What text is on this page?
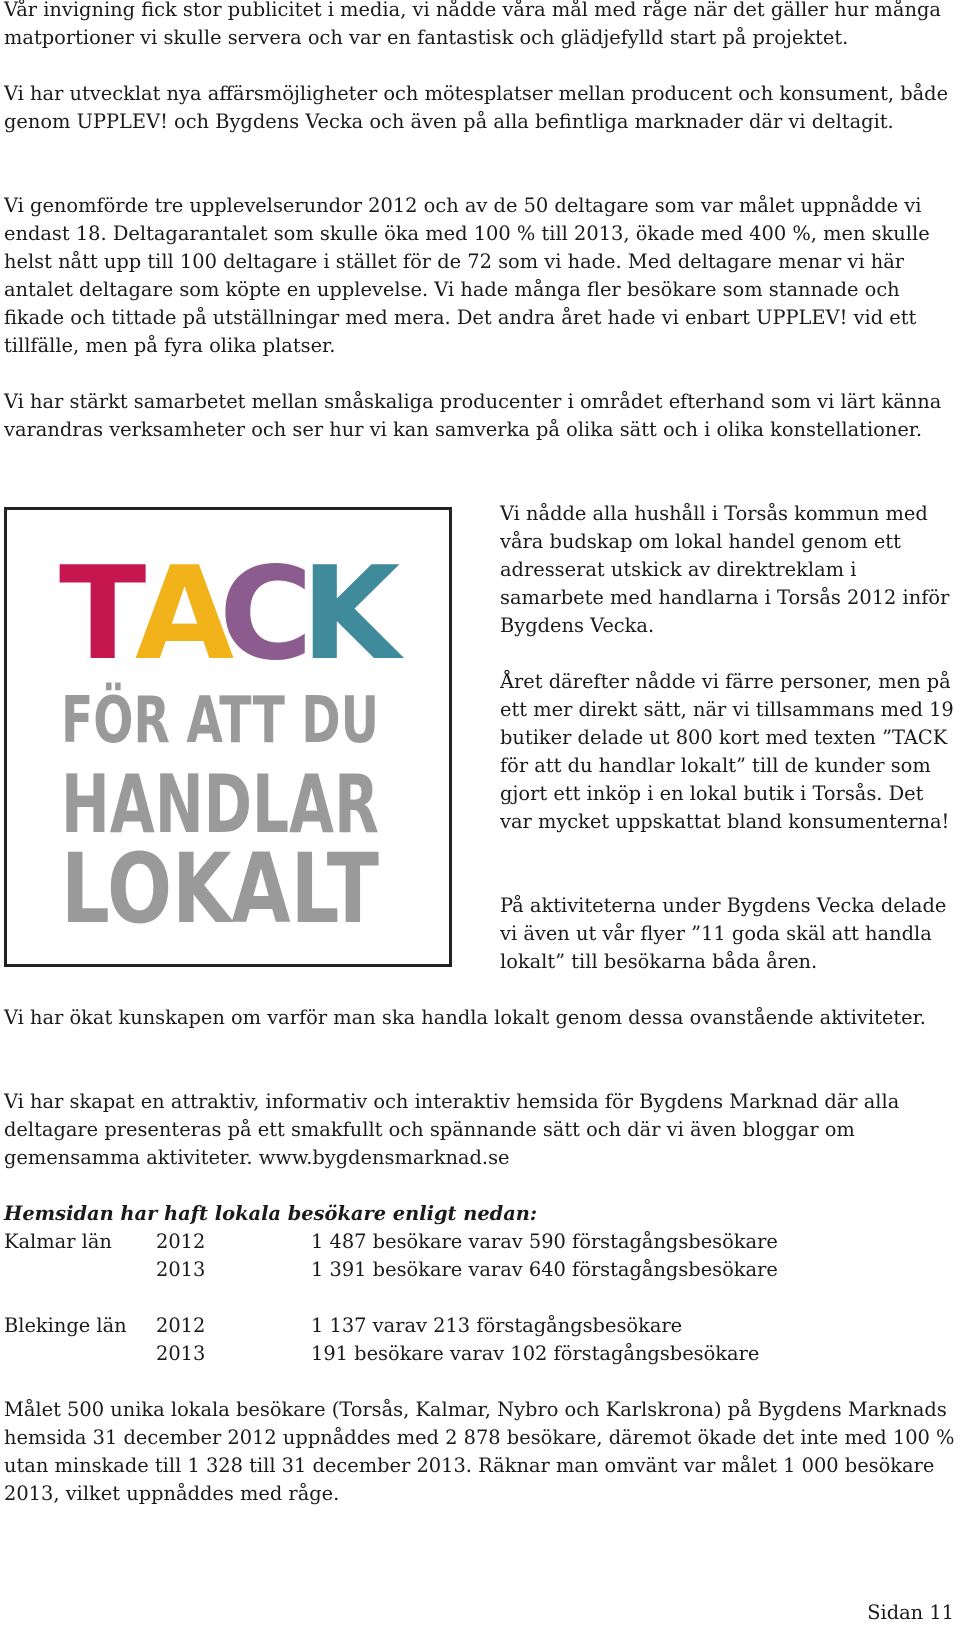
Vår invigning fick stor publicitet i media, vi nådde våra mål med råge när det gäller hur många matportioner vi skulle servera och var en fantastisk och glädjefylld start på projektet.

Vi har utvecklat nya affärsmöjligheter och mötesplatser mellan producent och konsument, både genom UPPLEV! och Bygdens Vecka och även på alla befintliga marknader där vi deltagit.

Vi genomförde tre upplevelserundor 2012 och av de 50 deltagare som var målet uppnådde vi endast 18. Deltagarantalet som skulle öka med 100 % till 2013, ökade med 400 %, men skulle helst nått upp till 100 deltagare i stället för de 72 som vi hade. Med deltagare menar vi här antalet deltagare som köpte en upplevelse. Vi hade många fler besökare som stannade och fikade och tittade på utställningar med mera. Det andra året hade vi enbart UPPLEV! vid ett tillfälle, men på fyra olika platser.

Vi har stärkt samarbetet mellan småskaliga producenter i området efterhand som vi lärt känna varandras verksamheter och ser hur vi kan samverka på olika sätt och i olika konstellationer.

T
A
C
K
FÖR ATT DU
HANDLAR
LOKALT

Vi nådde alla hushåll i Torsås kommun med våra budskap om lokal handel genom ett adresserat utskick av direktreklam i samarbete med handlarna i Torsås 2012 inför Bygdens Vecka.

Året därefter nådde vi färre personer, men på ett mer direkt sätt, när vi tillsammans med 19 butiker delade ut 800 kort med texten ”TACK för att du handlar lokalt” till de kunder som gjort ett inköp i en lokal butik i Torsås. Det var mycket uppskattat bland konsumenterna!

På aktiviteterna under Bygdens Vecka delade vi även ut vår flyer ”11 goda skäl att handla lokalt” till besökarna båda åren.

Vi har ökat kunskapen om varför man ska handla lokalt genom dessa ovanstående aktiviteter.

Vi har skapat en attraktiv, informativ och interaktiv hemsida för Bygdens Marknad där alla deltagare presenteras på ett smakfullt och spännande sätt och där vi även bloggar om gemensamma aktiviteter. www.bygdensmarknad.se

Hemsidan har haft lokala besökare enligt nedan:

Kalmar län 2012	1 487 besökare varav 590 förstagångsbesökare
2013	1 391 besökare varav 640 förstagångsbesökare
Blekinge län 2012	1 137 varav 213 förstagångsbesökare
2013	191 besökare varav 102 förstagångsbesökare

Målet 500 unika lokala besökare (Torsås, Kalmar, Nybro och Karlskrona) på Bygdens Marknads hemsida 31 december 2012 uppnåddes med 2 878 besökare, däremot ökade det inte med 100 % utan minskade till 1 328 till 31 december 2013. Räknar man omvänt var målet 1 000 besökare 2013, vilket uppnåddes med råge.

Sidan 11
